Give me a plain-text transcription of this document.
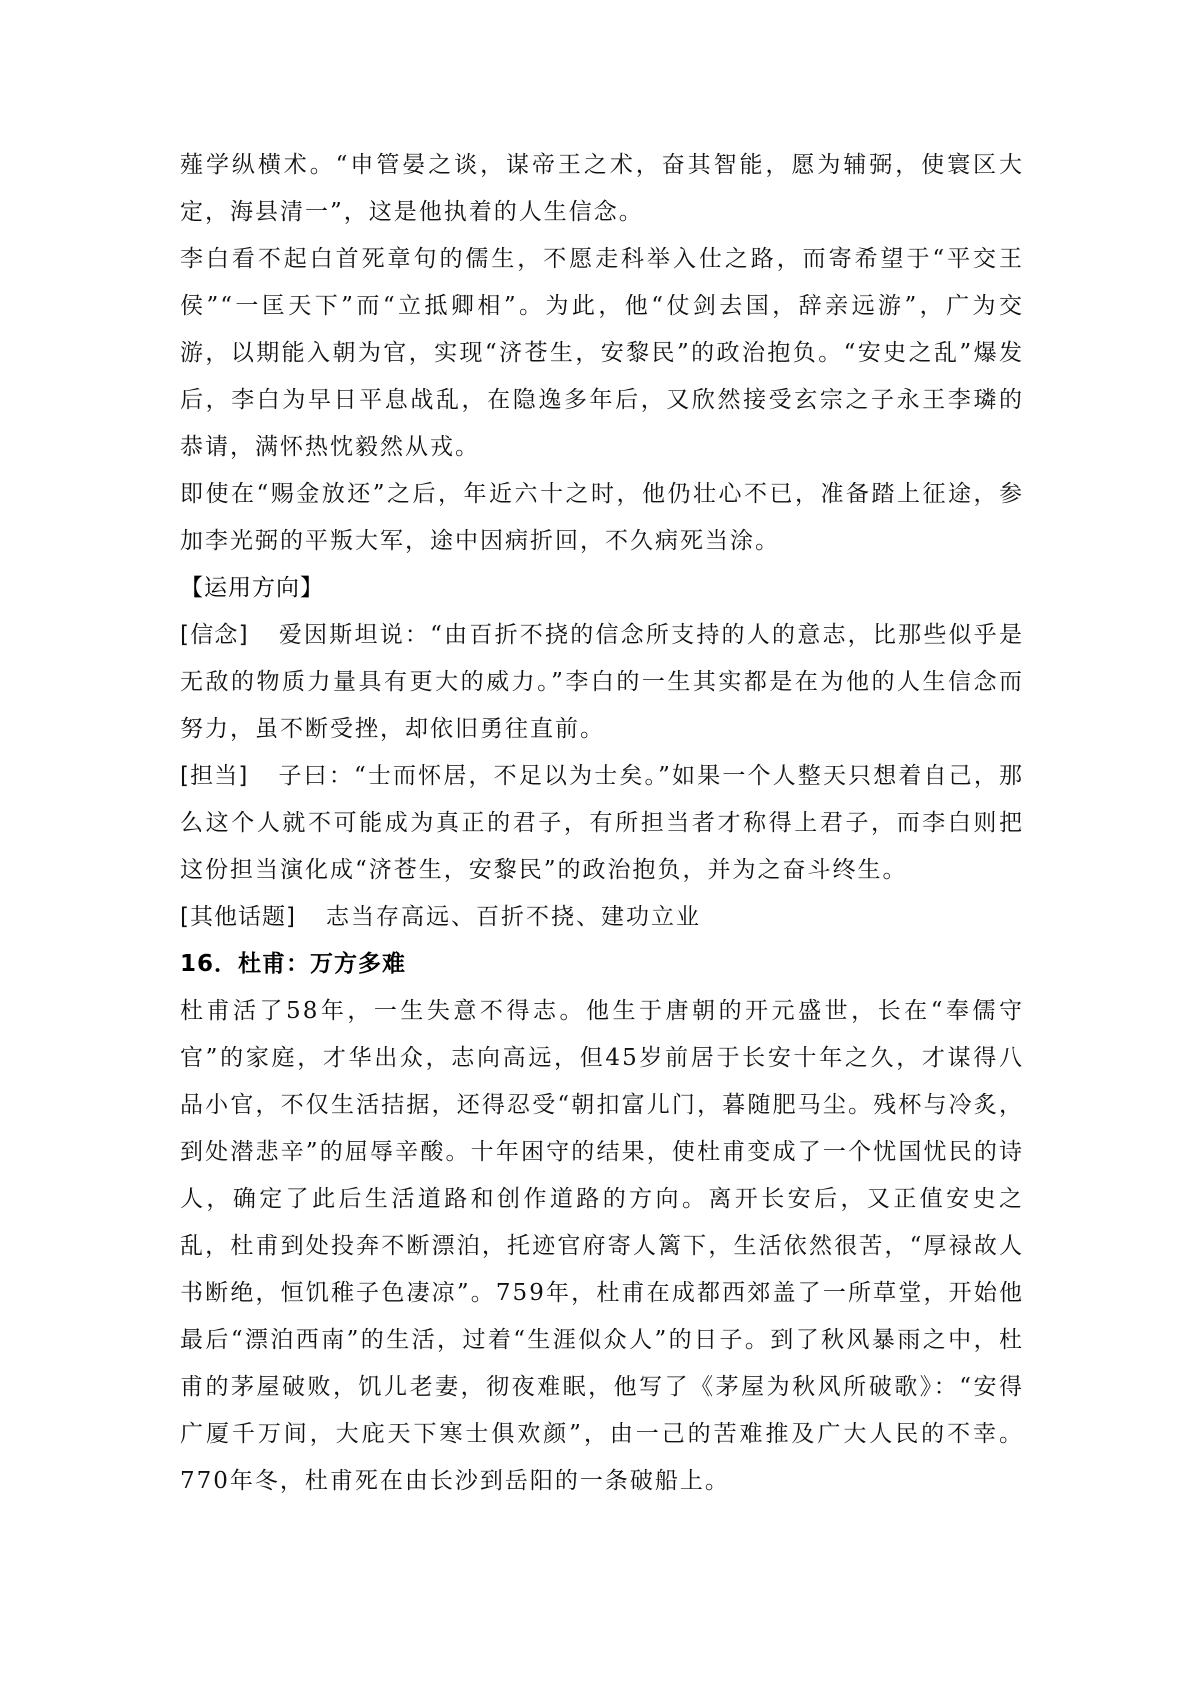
薤学纵横术。“申管晏之谈，谋帝王之术，奋其智能，愿为辅弼，使寰区大定，海县清一”，这是他执着的人生信念。

李白看不起白首死章句的儒生，不愿走科举入仕之路，而寄希望于“平交王侯”“一匡天下”而“立抵卿相”。为此，他“仗剑去国，辞亲远游”，广为交游，以期能入朝为官，实现“济苍生，安黎民”的政治抱负。“安史之乱”爆发后，李白为早日平息战乱，在隐逸多年后，又欣然接受玄宗之子永王李璘的恭请，满怀热忱毅然从戎。

即使在“赐金放还”之后，年近六十之时，他仍壮心不已，准备踏上征途，参加李光弼的平叛大军，途中因病折回，不久病死当涂。

【运用方向】

[信念] 爱因斯坦说：“由百折不挠的信念所支持的人的意志，比那些似乎是无敌的物质力量具有更大的威力。”李白的一生其实都是在为他的人生信念而努力，虽不断受挫，却依旧勇往直前。

[担当] 子曰：“士而怀居，不足以为士矣。”如果一个人整天只想着自己，那么这个人就不可能成为真正的君子，有所担当者才称得上君子，而李白则把这份担当演化成“济苍生，安黎民”的政治抱负，并为之奋斗终生。

[其他话题] 志当存高远、百折不挠、建功立业

16．杜甫：万方多难

杜甫活了58年，一生失意不得志。他生于唐朝的开元盛世，长在“奉儒守官”的家庭，才华出众，志向高远，但45岁前居于长安十年之久，才谋得八品小官，不仅生活拮据，还得忍受“朝扣富儿门，暮随肥马尘。残杯与冷炙，到处潜悲辛”的屈辱辛酸。十年困守的结果，使杜甫变成了一个忧国忧民的诗人，确定了此后生活道路和创作道路的方向。离开长安后，又正值安史之乱，杜甫到处投奔不断漂泊，托迹官府寄人篱下，生活依然很苦，“厚禄故人书断绝，恒饥稚子色凄凉”。759年，杜甫在成都西郊盖了一所草堂，开始他最后“漂泊西南”的生活，过着“生涯似众人”的日子。到了秋风暴雨之中，杜甫的茅屋破败，饥儿老妻，彻夜难眠，他写了《茅屋为秋风所破歌》：“安得广厦千万间，大庇天下寒士俱欢颜”，由一己的苦难推及广大人民的不幸。770年冬，杜甫死在由长沙到岳阳的一条破船上。
